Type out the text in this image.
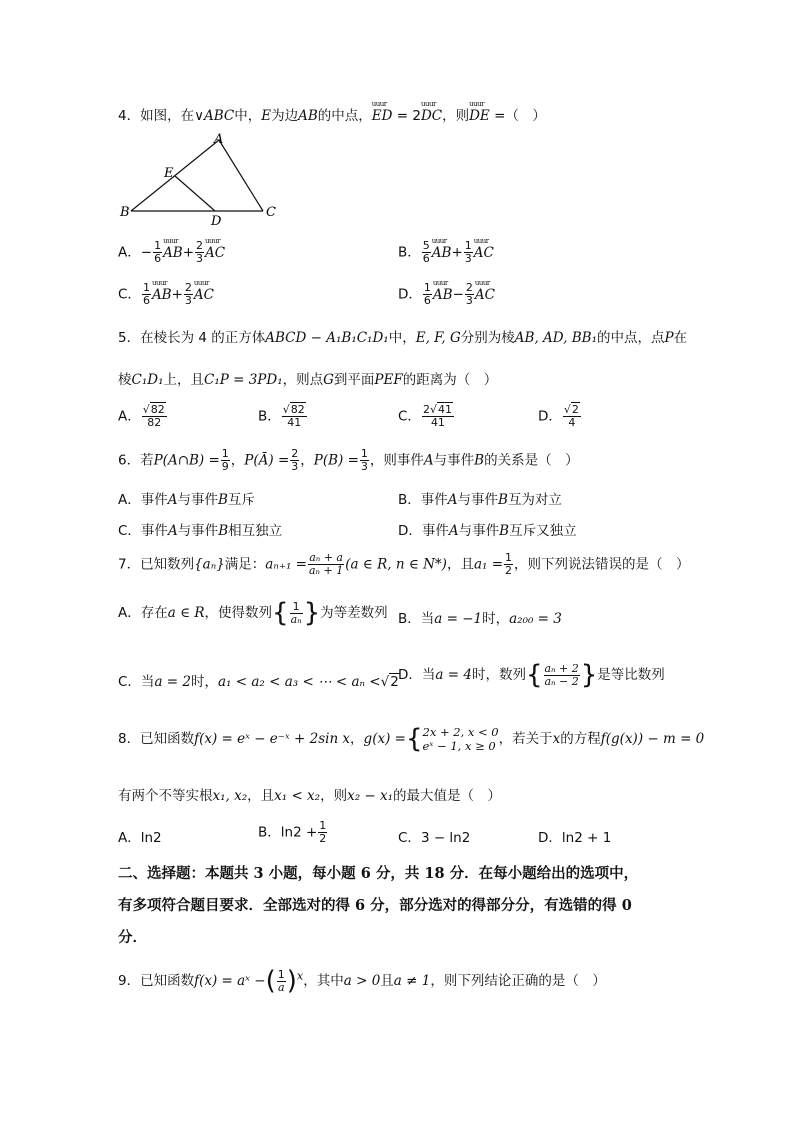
4．如图，在∨ABC中，E为边AB的中点，uuur ED = 2uuur DC，则uuur DE =（　）
A
E
B
D
C
A．− $\frac{1}{6}$ uuur $AB+ \frac{2}{3}$ uuur AC	B． $\frac{5}{6}$ uuur $AB+ \frac{1}{3}$ uuur AC
C． $\frac{1}{6}$ uuur $AB+ \frac{2}{3}$ uuur AC	D． $\frac{1}{6}$ uuur $AB- \frac{2}{3}$ uuur AC
5．在棱长为 4 的正方体ABCD − A₁B₁C₁D₁中，E, F, G分别为棱AB, AD, BB₁的中点，点P在
棱C₁D₁上，且C₁P = 3PD₁，则点G到平面PEF的距离为（　）
A． $\frac{√82}{82}$	B． $\frac{√82}{41}$	C． $\frac{2√41}{41}$	D． $\frac{√2}{4}$
6．若P(A∩B) = $\frac{1}{9}$ ，P(Ā) = $\frac{2}{3}$ ，$P(B) = \frac{1}{3}$ ，则事件A与事件B的关系是（　）
A．事件A与事件B互斥	B．事件A与事件B互为对立
C．事件A与事件B相互独立	D．事件A与事件B互斥又独立
7．已知数列{aₙ}满足：$a_{n+1} = \frac{\text{aₙ + a}}{\text{aₙ + 1}} (a$ ∈ R, n ∈ N*)，且$a_1 = \frac{1}{2}$ ，则下列说法错误的是（　）
A．存在a ∈ R，使得数列{ $\frac{1}{\text{aₙ}}$ }为等差数列 B．当a = −1时，a₂₀₀ = 3
C．当a = 2时，a₁ < a₂ < a₃ < ⋯ < aₙ <√2 D．当a = 4时，数列{ $\frac{\text{aₙ + 2}}{\text{aₙ − 2}}$ }是等比数列
8．已知函数f(x) = eˣ − e⁻ˣ + 2sin x，g(x) ={ 2x + 2, x < 0
eˣ − 1, x ≥ 0 ，若关于x的方程f(g(x)) − m = 0
有两个不等实根x₁, x₂，且x₁ < x₂，则x₂ − x₁的最大值是（　）
A．ln2	B．$\ln 2 + \frac{1}{2}$	C．3 − ln2	D．ln2 + 1
二、选择题：本题共 3 小题，每小题 6 分，共 18 分．在每小题给出的选项中，
有多项符合题目要求．全部选对的得 6 分，部分选对的得部分分，有选错的得 0
分．
9．已知函数f(x) = aˣ −( $\frac{1}{a} )^x$，其中a > 0且a ≠ 1，则下列结论正确的是（　）
